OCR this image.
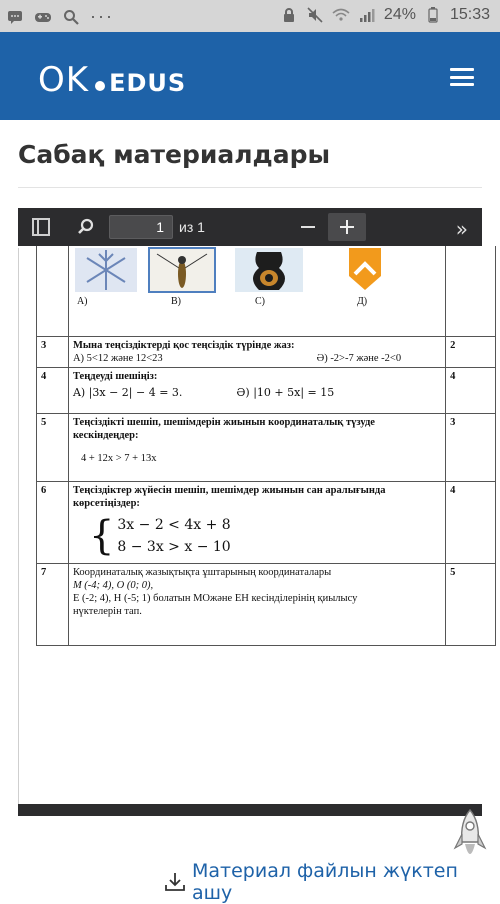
···	24% 15:33
OK EDUS
Сабақ материалдары

	A) B) C) Д)	

3	Мына теңсіздіктерді қос теңсіздік түрінде жаз:
A) 5<12 және 12<23 Ә) -2>-7 және -2<0	2
4	Теңдеуді шешіңіз:
A) |3x − 2| − 4 = 3. Ә) |10 + 5x| = 15	4
5	Теңсіздікті шешіп, шешімдерін жиынын координаталық түзуде кескіндеңдер:
4 + 12x > 7 + 13x	3
6	Теңсіздіктер жүйесін шешіп, шешімдер жиынын сан аралығында көрсетіңіздер:
{ 3x − 2 < 4x + 8
8 − 3x > x − 10	4
7	Координаталық жазықтықта ұштарының координаталары
M (-4; 4), O (0; 0),
E (-2; 4), H (-5; 1) болатын MOжәне EH кесінділерінің қиылысу
нүктелерін тап.	5
1	из 1	»
Материал файлын жүктеп ашу
